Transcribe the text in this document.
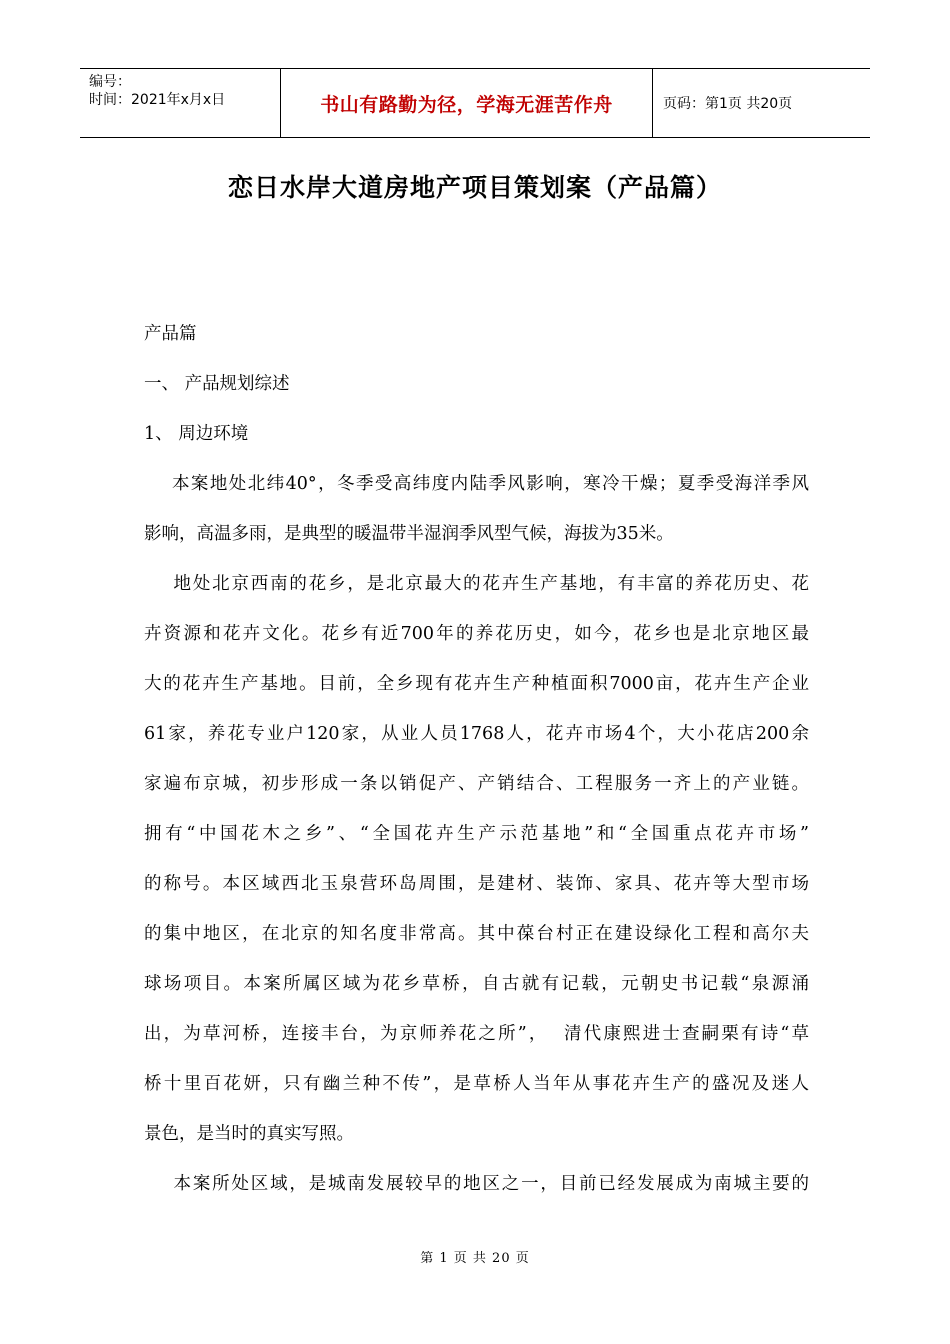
编号：
时间：2021年x月x日	书山有路勤为径，学海无涯苦作舟	页码：第1页 共20页
恋日水岸大道房地产项目策划案（产品篇）
产品篇
一、 产品规划综述
1、 周边环境
本案地处北纬40°，冬季受高纬度内陆季风影响，寒冷干燥；夏季受海洋季风
影响，高温多雨，是典型的暖温带半湿润季风型气候，海拔为35米。
地处北京西南的花乡，是北京最大的花卉生产基地，有丰富的养花历史、花
卉资源和花卉文化。花乡有近700年的养花历史，如今，花乡也是北京地区最
大的花卉生产基地。目前，全乡现有花卉生产种植面积7000亩，花卉生产企业
61家，养花专业户120家，从业人员1768人，花卉市场4个，大小花店200余
家遍布京城，初步形成一条以销促产、产销结合、工程服务一齐上的产业链。
拥有“中国花木之乡”、“全国花卉生产示范基地”和“全国重点花卉市场”
的称号。本区域西北玉泉营环岛周围，是建材、装饰、家具、花卉等大型市场
的集中地区，在北京的知名度非常高。其中葆台村正在建设绿化工程和高尔夫
球场项目。本案所属区域为花乡草桥，自古就有记载，元朝史书记载“泉源涌
出，为草河桥，连接丰台，为京师养花之所”，  清代康熙进士查嗣栗有诗“草
桥十里百花妍，只有幽兰种不传”，是草桥人当年从事花卉生产的盛况及迷人
景色，是当时的真实写照。
本案所处区域，是城南发展较早的地区之一，目前已经发展成为南城主要的
第 1 页 共 20 页
